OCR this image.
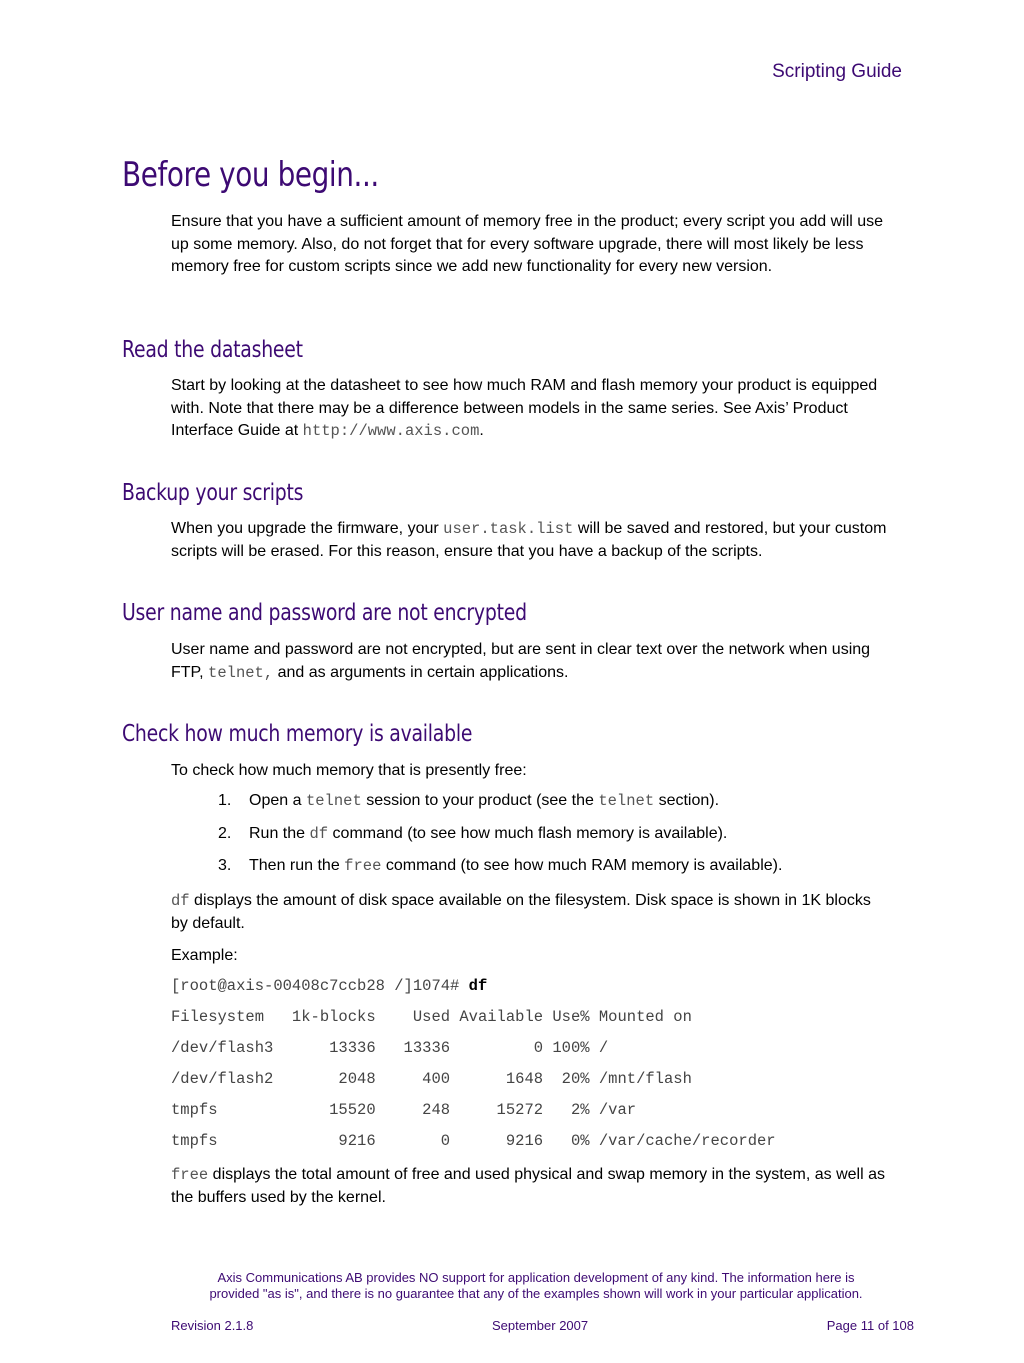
Scripting Guide
Before you begin...
Ensure that you have a sufficient amount of memory free in the product; every script you add will use up some memory. Also, do not forget that for every software upgrade, there will most likely be less memory free for custom scripts since we add new functionality for every new version.
Read the datasheet
Start by looking at the datasheet to see how much RAM and flash memory your product is equipped with. Note that there may be a difference between models in the same series. See Axis’ Product Interface Guide at http://www.axis.com.
Backup your scripts
When you upgrade the firmware, your user.task.list will be saved and restored, but your custom scripts will be erased. For this reason, ensure that you have a backup of the scripts.
User name and password are not encrypted
User name and password are not encrypted, but are sent in clear text over the network when using FTP, telnet, and as arguments in certain applications.
Check how much memory is available
To check how much memory that is presently free:
1. Open a telnet session to your product (see the telnet section).
2. Run the df command (to see how much flash memory is available).
3. Then run the free command (to see how much RAM memory is available).
df displays the amount of disk space available on the filesystem. Disk space is shown in 1K blocks by default.
Example:
[root@axis-00408c7ccb28 /]1074# df
Filesystem   1k-blocks    Used Available Use% Mounted on
/dev/flash3      13336   13336         0 100% /
/dev/flash2       2048     400      1648  20% /mnt/flash
tmpfs            15520     248     15272   2% /var
tmpfs             9216       0      9216   0% /var/cache/recorder
free displays the total amount of free and used physical and swap memory in the system, as well as the buffers used by the kernel.
Axis Communications AB provides NO support for application development of any kind. The information here is
provided "as is", and there is no guarantee that any of the examples shown will work in your particular application.
Revision 2.1.8	September 2007	Page 11 of 108
